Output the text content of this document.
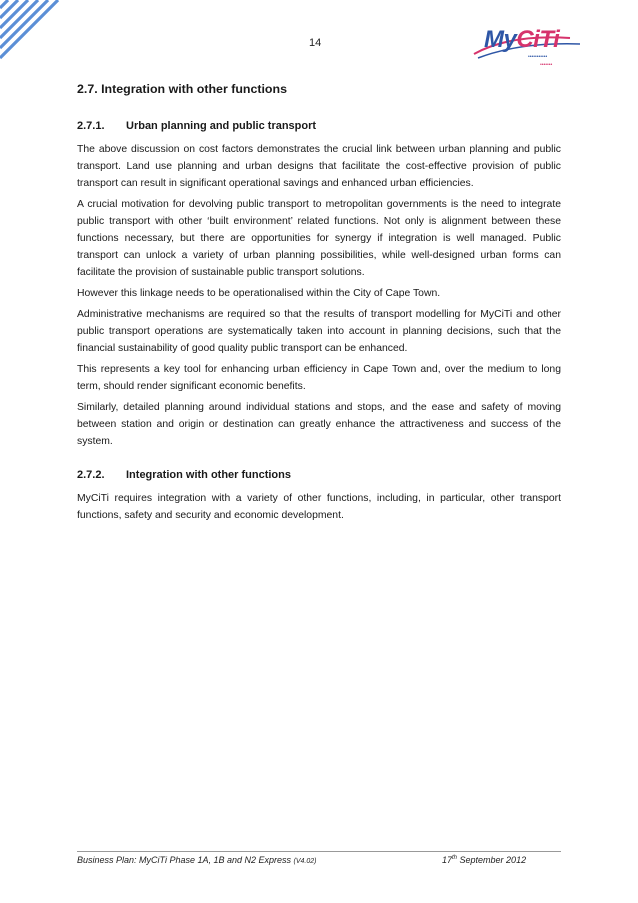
14	MyCiTi
•••••••••••
•••••••
2.7. Integration with other functions
2.7.1.	Urban planning and public transport

The above discussion on cost factors demonstrates the crucial link between urban planning and public transport. Land use planning and urban designs that facilitate the cost-effective provision of public transport can result in significant operational savings and enhanced urban efficiencies.

A crucial motivation for devolving public transport to metropolitan governments is the need to integrate public transport with other ‘built environment’ related functions. Not only is alignment between these functions necessary, but there are opportunities for synergy if integration is well managed. Public transport can unlock a variety of urban planning possibilities, while well-designed urban forms can facilitate the provision of sustainable public transport solutions.

However this linkage needs to be operationalised within the City of Cape Town.

Administrative mechanisms are required so that the results of transport modelling for MyCiTi and other public transport operations are systematically taken into account in planning decisions, such that the financial sustainability of good quality public transport can be enhanced.

This represents a key tool for enhancing urban efficiency in Cape Town and, over the medium to long term, should render significant economic benefits.

Similarly, detailed planning around individual stations and stops, and the ease and safety of moving between station and origin or destination can greatly enhance the attractiveness and success of the system.

2.7.2.	Integration with other functions

MyCiTi requires integration with a variety of other functions, including, in particular, other transport functions, safety and security and economic development.

Business Plan: MyCiTi Phase 1A, 1B and N2 Express (V4.02)	17th September 2012
